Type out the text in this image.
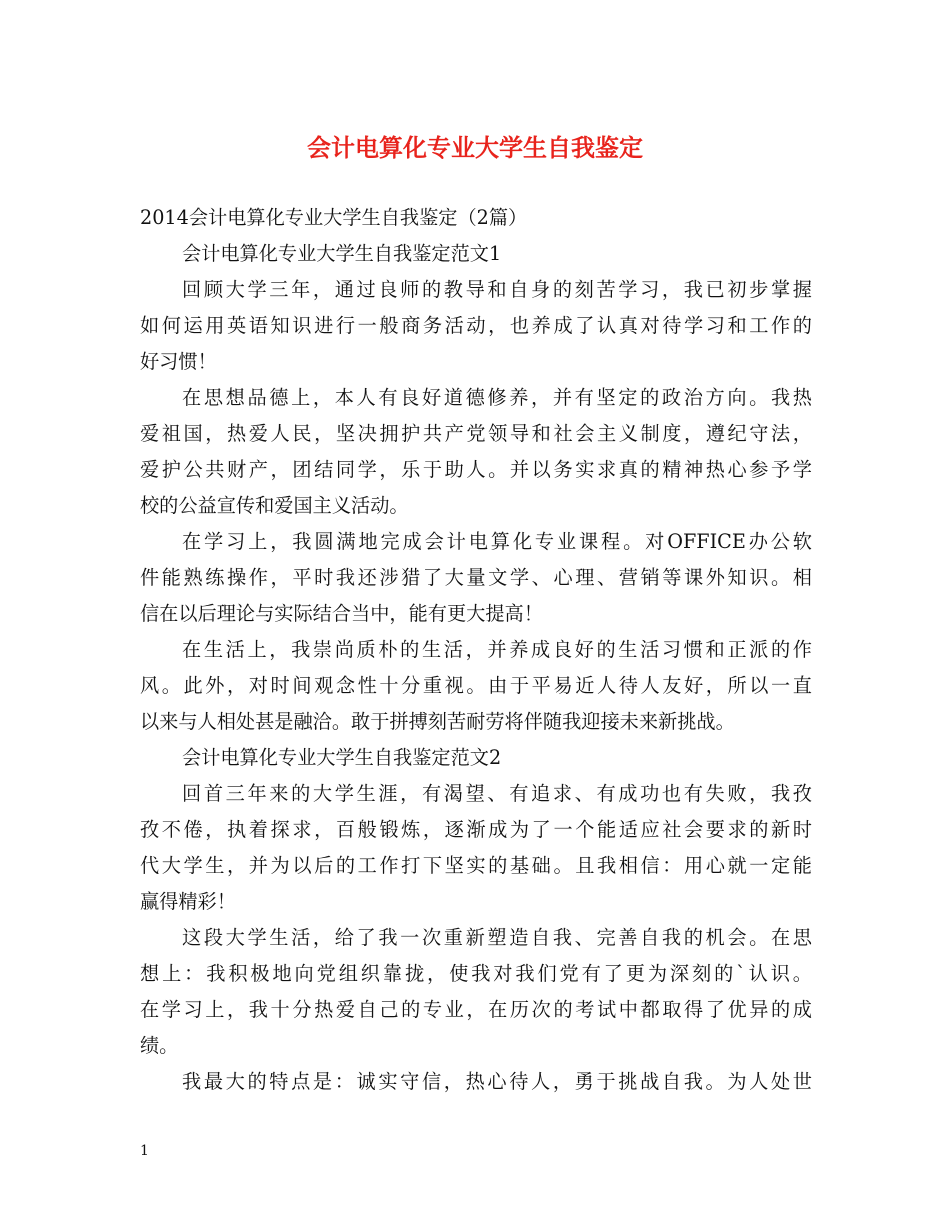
会计电算化专业大学生自我鉴定
2014会计电算化专业大学生自我鉴定（2篇）
会计电算化专业大学生自我鉴定范文1
回顾大学三年，通过良师的教导和自身的刻苦学习，我已初步掌握
如何运用英语知识进行一般商务活动，也养成了认真对待学习和工作的
好习惯！
在思想品德上，本人有良好道德修养，并有坚定的政治方向。我热
爱祖国，热爱人民，坚决拥护共产党领导和社会主义制度，遵纪守法，
爱护公共财产，团结同学，乐于助人。并以务实求真的精神热心参予学
校的公益宣传和爱国主义活动。
在学习上，我圆满地完成会计电算化专业课程。对OFFICE办公软
件能熟练操作，平时我还涉猎了大量文学、心理、营销等课外知识。相
信在以后理论与实际结合当中，能有更大提高！
在生活上，我崇尚质朴的生活，并养成良好的生活习惯和正派的作
风。此外，对时间观念性十分重视。由于平易近人待人友好，所以一直
以来与人相处甚是融洽。敢于拼搏刻苦耐劳将伴随我迎接未来新挑战。
会计电算化专业大学生自我鉴定范文2
回首三年来的大学生涯，有渴望、有追求、有成功也有失败，我孜
孜不倦，执着探求，百般锻炼，逐渐成为了一个能适应社会要求的新时
代大学生，并为以后的工作打下坚实的基础。且我相信：用心就一定能
赢得精彩！
这段大学生活，给了我一次重新塑造自我、完善自我的机会。在思
想上：我积极地向党组织靠拢，使我对我们党有了更为深刻的`认识。
在学习上，我十分热爱自己的专业，在历次的考试中都取得了优异的成
绩。
我最大的特点是：诚实守信，热心待人，勇于挑战自我。为人处世
1
